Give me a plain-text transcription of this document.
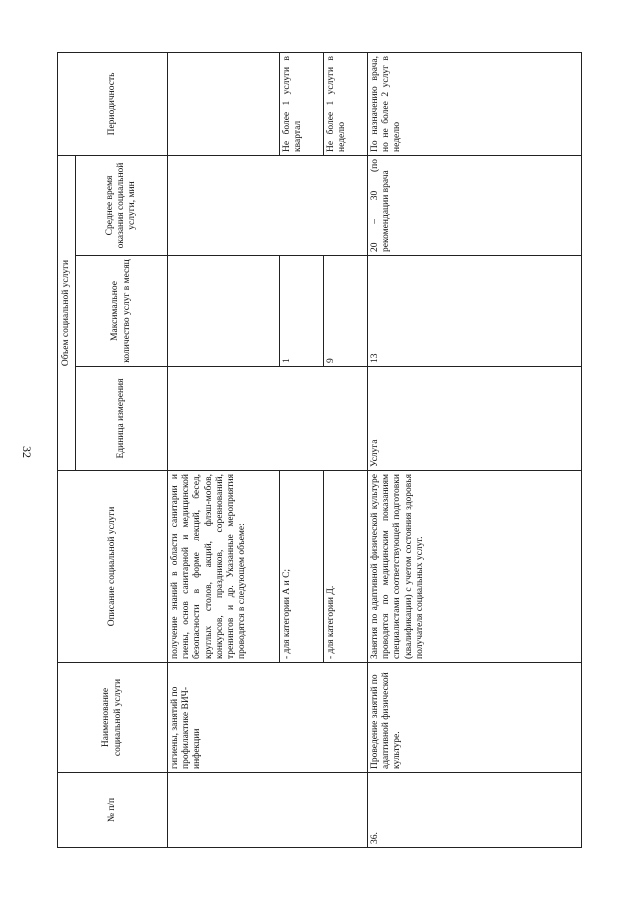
32
№ п/п	Наименование социальной услуги	Описание социальной услуги	Объем социальной услуги			Периодичность
			Единица измерения	Максимальное количество услуг в месяц	Среднее время оказания социальной услуги, мин	
	гигиены, занятий по профилактике ВИЧ-инфекции	получение знаний в области санитарии и гиены, основ санитарной и медицинской безопасности в форме лекций, бесед, круглых столов, акций, флэш-мобов, конкурсов, праздников, соревнований, тренингов и др. Указанные мероприятия проводятся в следующем объеме:				
		- для категории А и С;		1		Не более 1 услуги в квартал
		- для категории Д.		9		Не более 1 услуги в неделю
36.	Проведение занятий по адаптивной физической культуре.	Занятия по адаптивной физической культуре проводятся по медицинским показаниям специалистами соответствующей подготовки (квалификации) с учетом состояния здоровья получателя социальных услуг.	Услуга	13	20 – 30 (по рекомендации врача	По назначению врача, но не более 2 услуг в неделю
